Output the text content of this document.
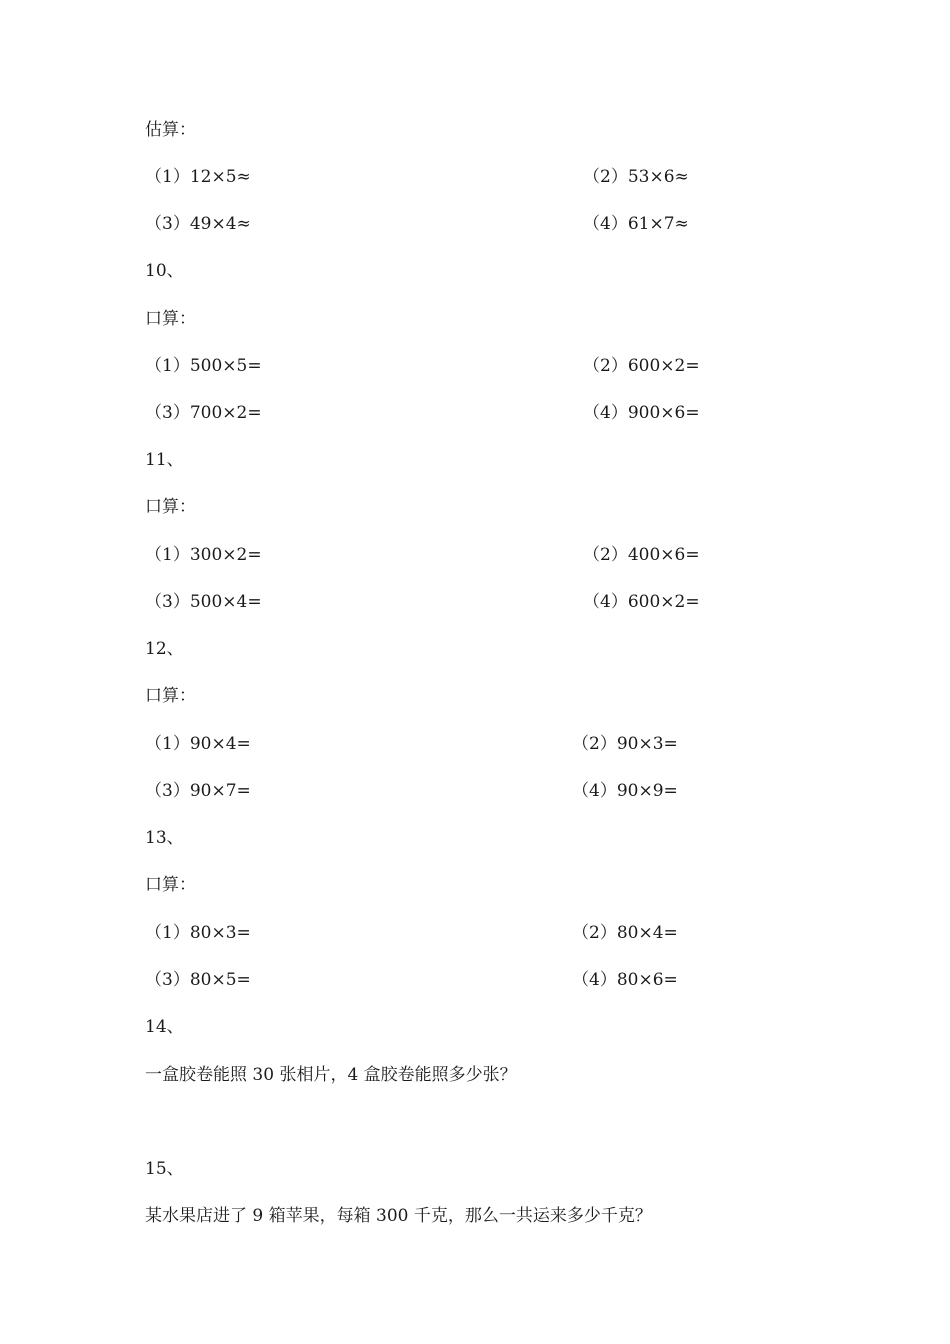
估算：
（1）12×5≈	（2）53×6≈
（3）49×4≈	（4）61×7≈
10、
口算：
（1）500×5=	（2）600×2=
（3）700×2=	（4）900×6=
11、
口算：
（1）300×2=	（2）400×6=
（3）500×4=	（4）600×2=
12、
口算：
（1）90×4=	（2）90×3=
（3）90×7=	（4）90×9=
13、
口算：
（1）80×3=	（2）80×4=
（3）80×5=	（4）80×6=
14、
一盒胶卷能照 30 张相片，4 盒胶卷能照多少张？
15、
某水果店进了 9 箱苹果，每箱 300 千克，那么一共运来多少千克？
